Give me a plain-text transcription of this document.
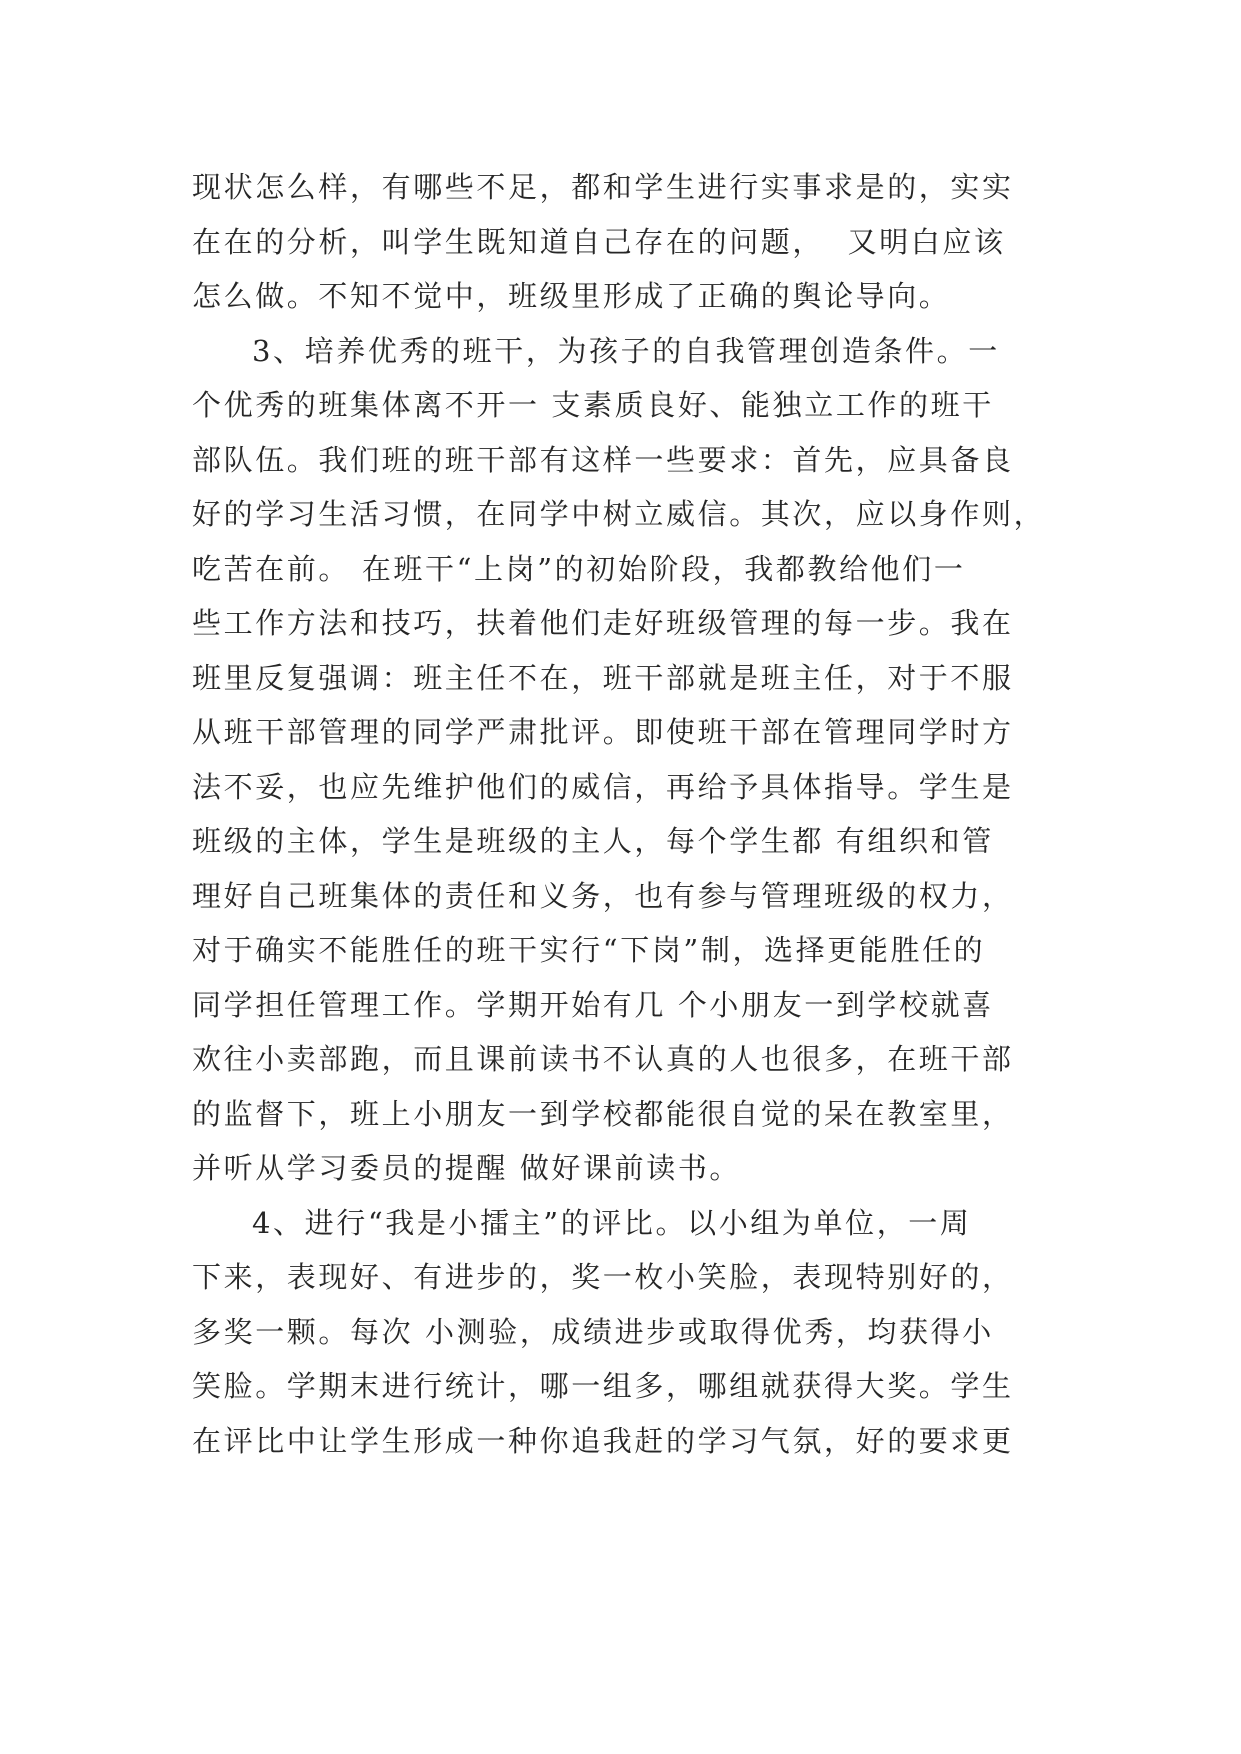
现状怎么样，有哪些不足，都和学生进行实事求是的，实实
在在的分析，叫学生既知道自己存在的问题，  又明白应该
怎么做。不知不觉中，班级里形成了正确的舆论导向。
3、培养优秀的班干，为孩子的自我管理创造条件。一
个优秀的班集体离不开一 支素质良好、能独立工作的班干
部队伍。我们班的班干部有这样一些要求：首先，应具备良
好的学习生活习惯，在同学中树立威信。其次，应以身作则，
吃苦在前。 在班干“上岗”的初始阶段，我都教给他们一
些工作方法和技巧，扶着他们走好班级管理的每一步。我在
班里反复强调：班主任不在，班干部就是班主任，对于不服
从班干部管理的同学严肃批评。即使班干部在管理同学时方
法不妥，也应先维护他们的威信，再给予具体指导。学生是
班级的主体，学生是班级的主人，每个学生都 有组织和管
理好自己班集体的责任和义务，也有参与管理班级的权力，
对于确实不能胜任的班干实行“下岗”制，选择更能胜任的
同学担任管理工作。学期开始有几 个小朋友一到学校就喜
欢往小卖部跑，而且课前读书不认真的人也很多，在班干部
的监督下，班上小朋友一到学校都能很自觉的呆在教室里，
并听从学习委员的提醒 做好课前读书。
4、进行“我是小擂主”的评比。以小组为单位，一周
下来，表现好、有进步的，奖一枚小笑脸，表现特别好的，
多奖一颗。每次 小测验，成绩进步或取得优秀，均获得小
笑脸。学期末进行统计，哪一组多，哪组就获得大奖。学生
在评比中让学生形成一种你追我赶的学习气氛，好的要求更
